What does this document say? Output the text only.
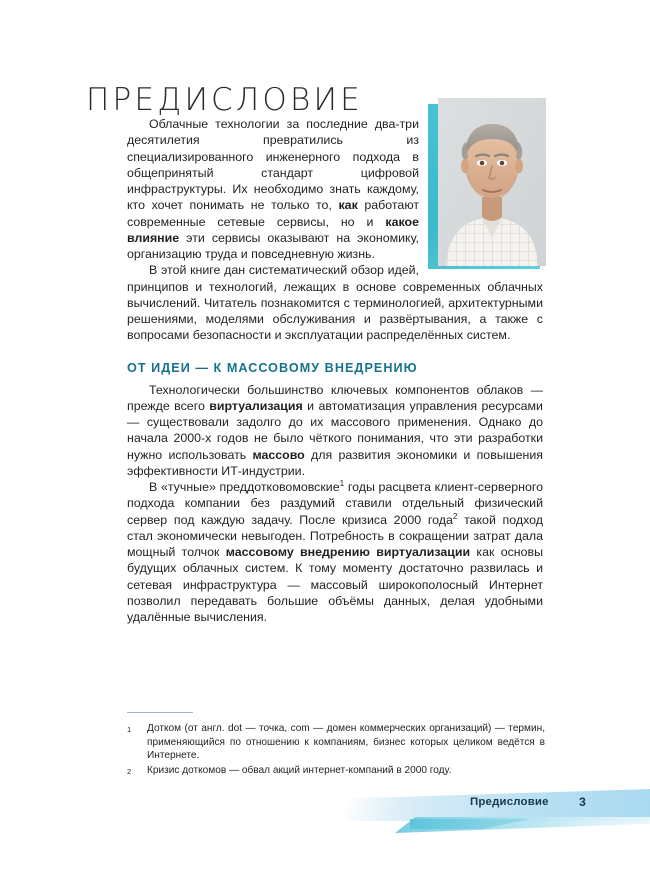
ПРЕДИСЛОВИЕ

Облачные технологии за последние два-три десятилетия превратились из специализированного инженерного подхода в общепринятый стандарт цифровой инфраструктуры. Их необходимо знать каждому, кто хочет понимать не только то, как работают современные сетевые сервисы, но и какое влияние эти сервисы оказывают на экономику, организацию труда и повседневную жизнь.

В этой книге дан систематический обзор идей, принципов и технологий, лежащих в основе современных облачных вычислений. Читатель познакомится с терминологией, архитектурными решениями, моделями обслуживания и развёртывания, а также с вопросами безопасности и эксплуатации распределённых систем.

ОТ ИДЕИ — К МАССОВОМУ ВНЕДРЕНИЮ

Технологически большинство ключевых компонентов облаков — прежде всего виртуализация и автоматизация управления ресурсами — существовали задолго до их массового применения. Однако до начала 2000-х годов не было чёткого понимания, что эти разработки нужно использовать массово для развития экономики и повышения эффективности ИТ-индустрии.

В «тучные» преддотковомовские$^1$ годы расцвета клиент-серверного подхода компании без раздумий ставили отдельный физический сервер под каждую задачу. После кризиса 2000 года$^2$ такой подход стал экономически невыгоден. Потребность в сокращении затрат дала мощный толчок массовому внедрению виртуализации как основы будущих облачных систем. К тому моменту достаточно развилась и сетевая инфраструктура — массовый широкополосный Интернет позволил передавать большие объёмы данных, делая удобными удалённые вычисления.

1	Дотком (от англ. dot — точка, com — домен коммерческих организаций) — термин, применяющийся по отношению к компаниям, бизнес которых целиком ведётся в Интернете.
2	Кризис доткомов — обвал акций интернет-компаний в 2000 году.
Предисловие 3
